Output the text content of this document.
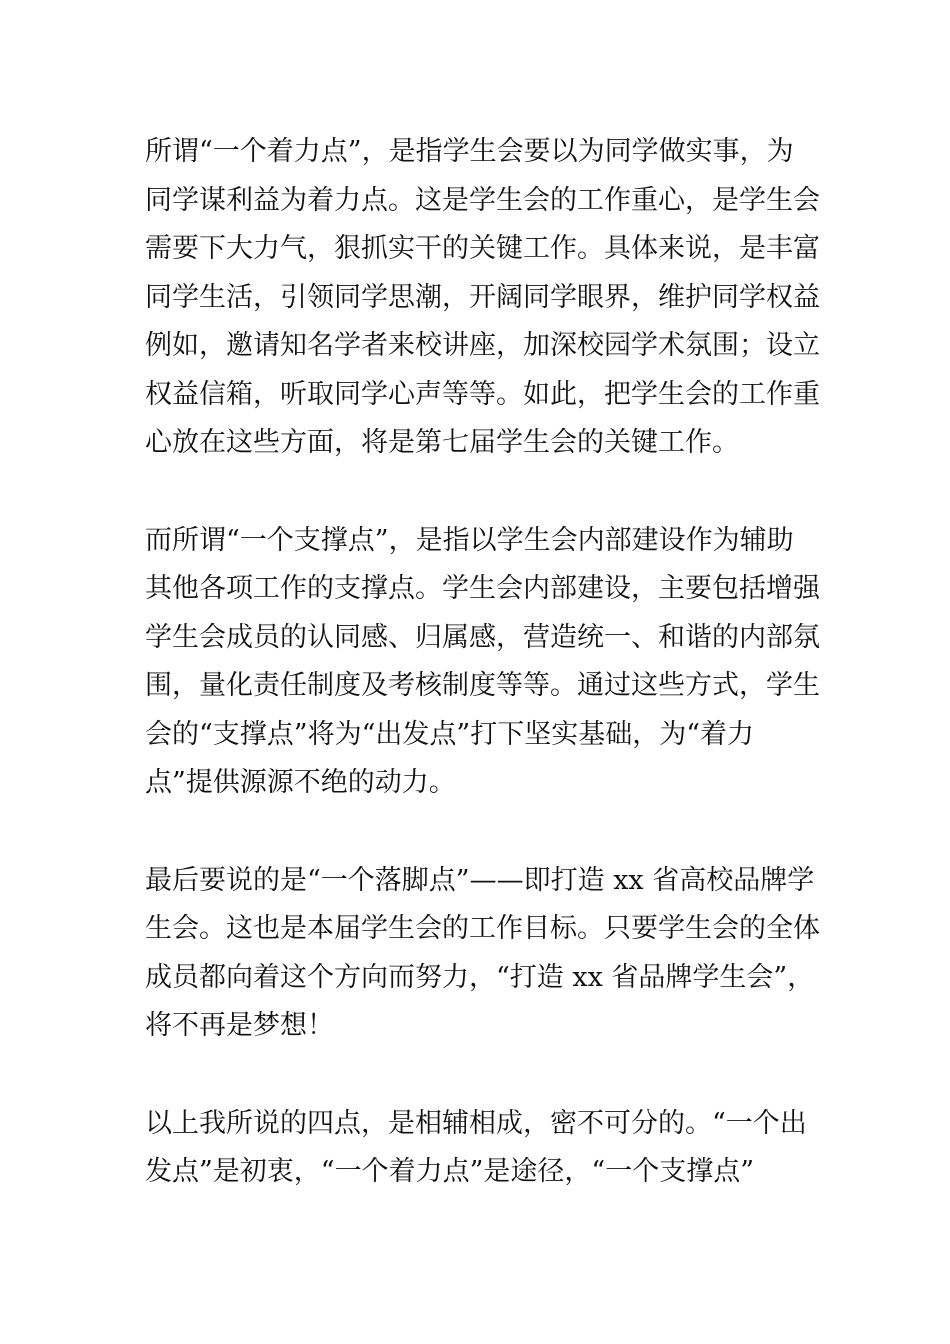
所谓“一个着力点”，是指学生会要以为同学做实事，为
同学谋利益为着力点。这是学生会的工作重心，是学生会
需要下大力气，狠抓实干的关键工作。具体来说，是丰富
同学生活，引领同学思潮，开阔同学眼界，维护同学权益
例如，邀请知名学者来校讲座，加深校园学术氛围；设立
权益信箱，听取同学心声等等。如此，把学生会的工作重
心放在这些方面，将是第七届学生会的关键工作。

而所谓“一个支撑点”，是指以学生会内部建设作为辅助
其他各项工作的支撑点。学生会内部建设，主要包括增强
学生会成员的认同感、归属感，营造统一、和谐的内部氛
围，量化责任制度及考核制度等等。通过这些方式，学生
会的“支撑点”将为“出发点”打下坚实基础，为“着力
点”提供源源不绝的动力。

最后要说的是“一个落脚点”——即打造 xx 省高校品牌学
生会。这也是本届学生会的工作目标。只要学生会的全体
成员都向着这个方向而努力，“打造 xx 省品牌学生会”，
将不再是梦想！

以上我所说的四点，是相辅相成，密不可分的。“一个出
发点”是初衷，“一个着力点”是途径，“一个支撑点”
